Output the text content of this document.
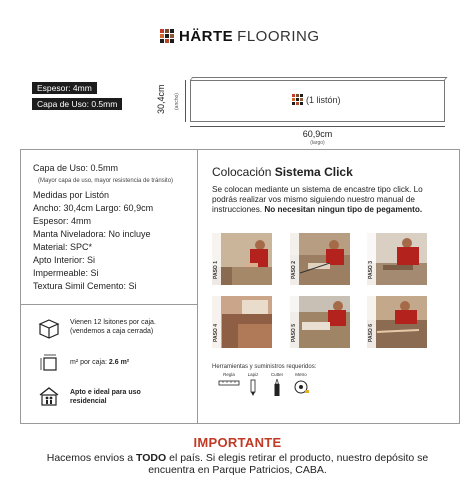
HÄRTE FLOORING
Espesor: 4mm
Capa de Uso: 0.5mm	(1 listón)
30,4cm (ancho)
60,9cm
(largo)
Capa de Uso: 0.5mm
(Mayor capa de uso, mayor resistencia de tránsito)
Medidas por Listón
Ancho: 30,4cm Largo: 60,9cm
Espesor: 4mm
Manta Niveladora: No incluye
Material: SPC*
Apto Interior: Si
Impermeable: Si
Textura Simil Cemento: Si
Vienen 12 lsitones por caja.
(vendemos a caja cerrada)
m² por caja: 2.6 m²
Apto e ideal para uso
residencial
Colocación Sistema Click
Se colocan mediante un sistema de encastre tipo click. Lo podrás realizar vos mismo siguiendo nuestro manual de instrucciones. No necesitan ningun tipo de pegamento.
PASO 1	PASO 2	PASO 3
PASO 4	PASO 5	PASO 6
Herramientas y suministros requeridos:
Regla	Lapiz	Cutter	Metro
IMPORTANTE
Hacemos envios a TODO el país. Si elegis retirar el producto, nuestro depósito se
encuentra en Parque Patricios, CABA.
